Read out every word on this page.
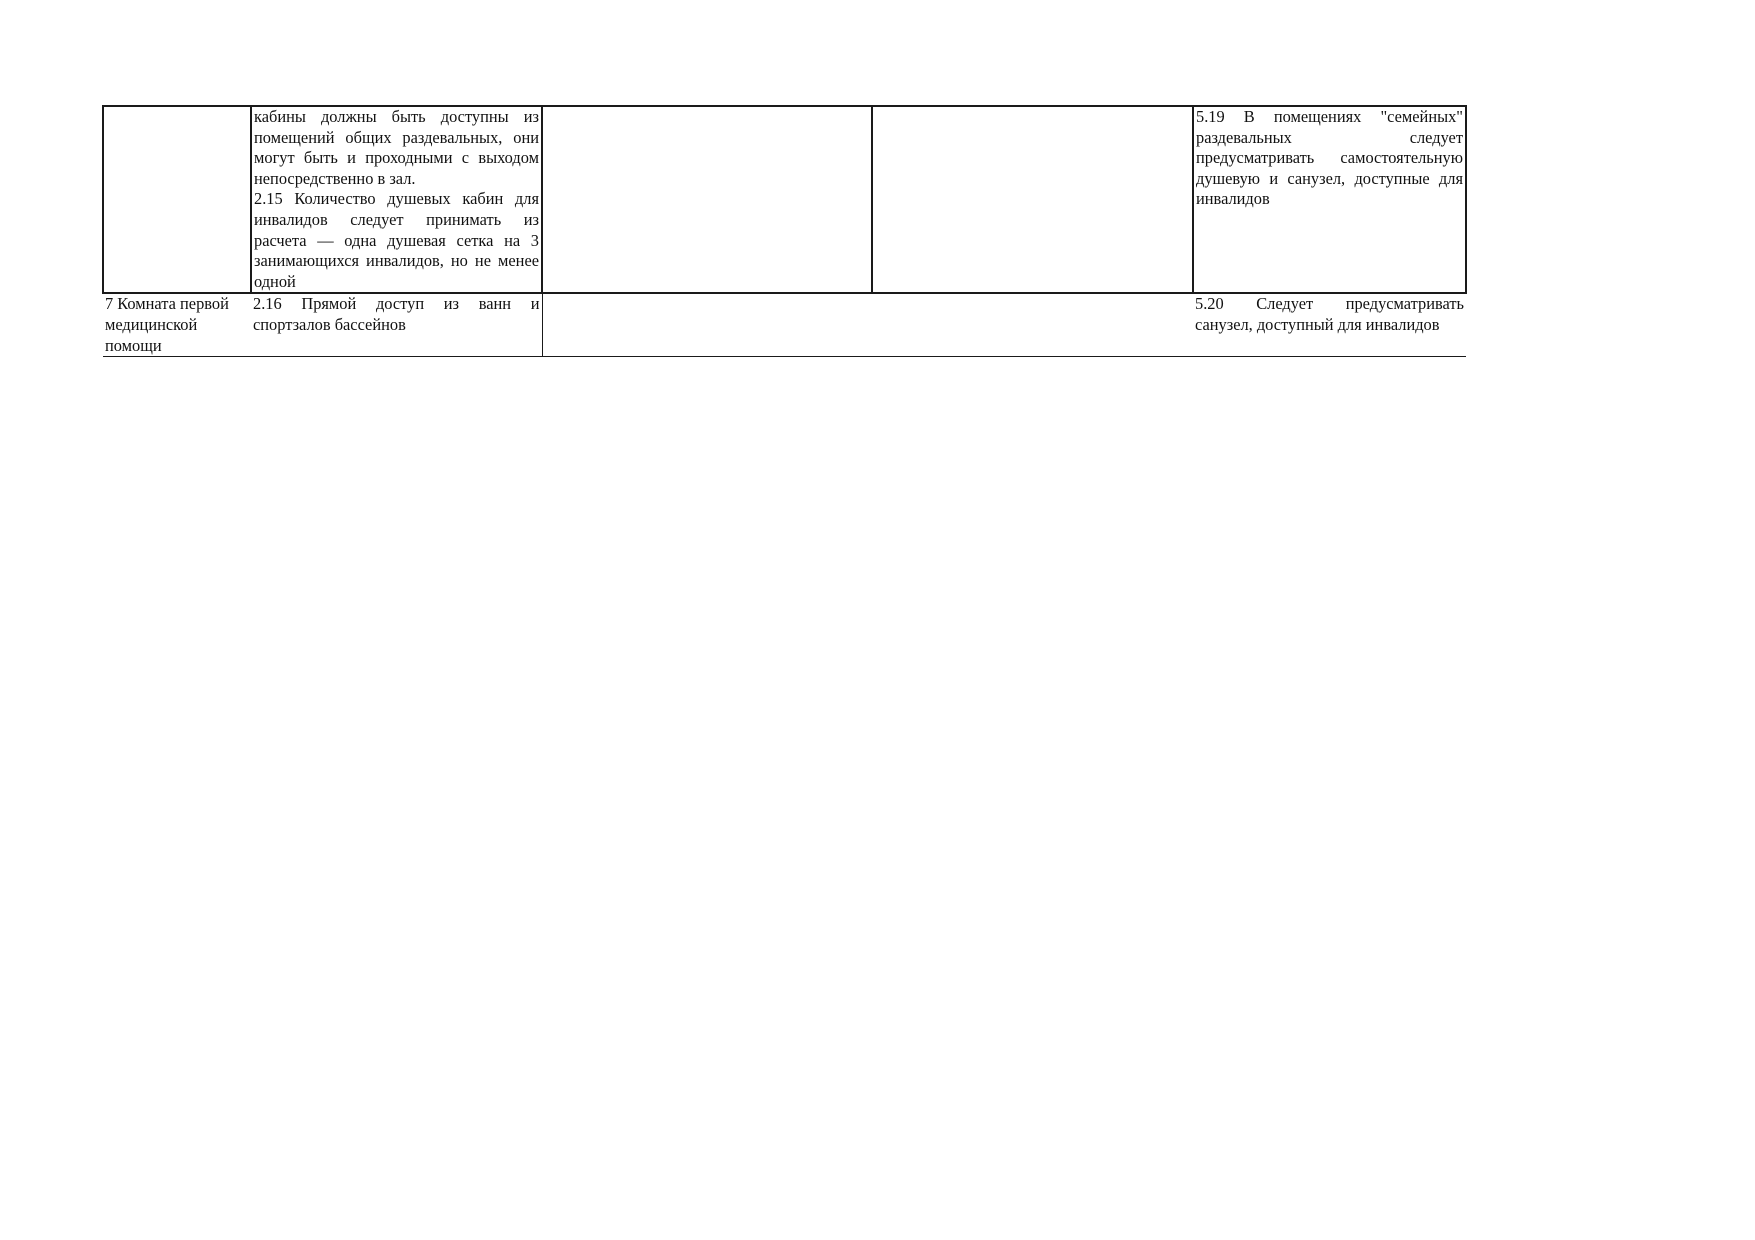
	кабины должны быть доступны из помещений общих раздевальных, они могут быть и проходными с выходом непосредственно в зал.
2.15 Количество душевых кабин для инвалидов следует принимать из расчета — одна душевая сетка на 3 занимающихся инвалидов, но не менее одной			5.19 В помещениях "семейных" раздевальных следует предусматривать самостоятельную душевую и санузел, доступные для инвалидов
7 Комната первой медицинской помощи	2.16 Прямой доступ из ванн и спортзалов бассейнов			5.20 Следует предусматривать санузел, доступный для инвалидов
